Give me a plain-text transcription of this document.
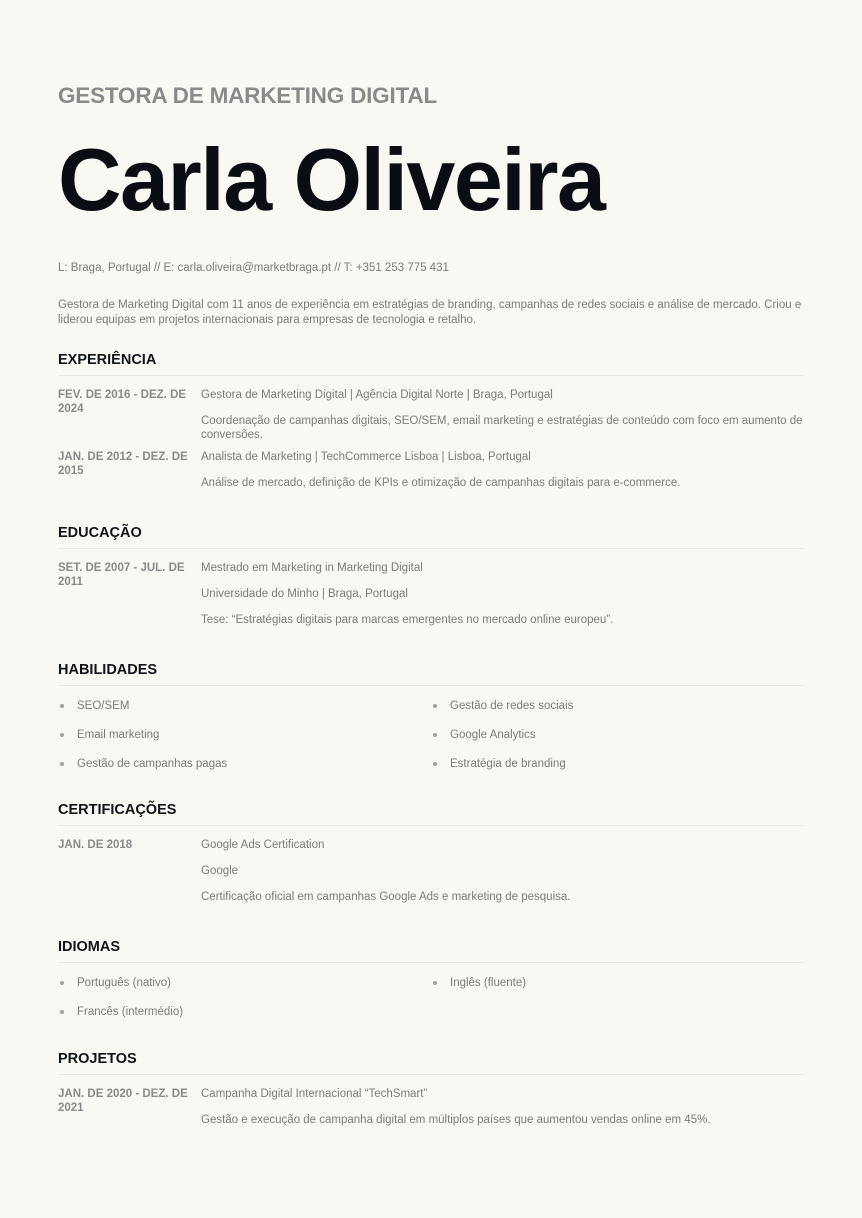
GESTORA DE MARKETING DIGITAL
Carla Oliveira
L: Braga, Portugal // E: carla.oliveira@marketbraga.pt // T: +351 253 775 431
Gestora de Marketing Digital com 11 anos de experiência em estratégias de branding, campanhas de redes sociais e análise de mercado. Criou e liderou equipas em projetos internacionais para empresas de tecnologia e retalho.
EXPERIÊNCIA
FEV. DE 2016 - DEZ. DE 2024
Gestora de Marketing Digital | Agência Digital Norte | Braga, Portugal
Coordenação de campanhas digitais, SEO/SEM, email marketing e estratégias de conteúdo com foco em aumento de conversões.
JAN. DE 2012 - DEZ. DE 2015
Analista de Marketing | TechCommerce Lisboa | Lisboa, Portugal
Análise de mercado, definição de KPIs e otimização de campanhas digitais para e-commerce.
EDUCAÇÃO
SET. DE 2007 - JUL. DE 2011
Mestrado em Marketing in Marketing Digital
Universidade do Minho | Braga, Portugal
Tese: “Estratégias digitais para marcas emergentes no mercado online europeu”.
HABILIDADES
SEO/SEM	Gestão de redes sociais
Email marketing	Google Analytics
Gestão de campanhas pagas	Estratégia de branding
CERTIFICAÇÕES
JAN. DE 2018	Google Ads Certification
Google
Certificação oficial em campanhas Google Ads e marketing de pesquisa.
IDIOMAS
Português (nativo)	Inglês (fluente)
Francês (intermédio)
PROJETOS
JAN. DE 2020 - DEZ. DE 2021
Campanha Digital Internacional “TechSmart”
Gestão e execução de campanha digital em múltiplos países que aumentou vendas online em 45%.
